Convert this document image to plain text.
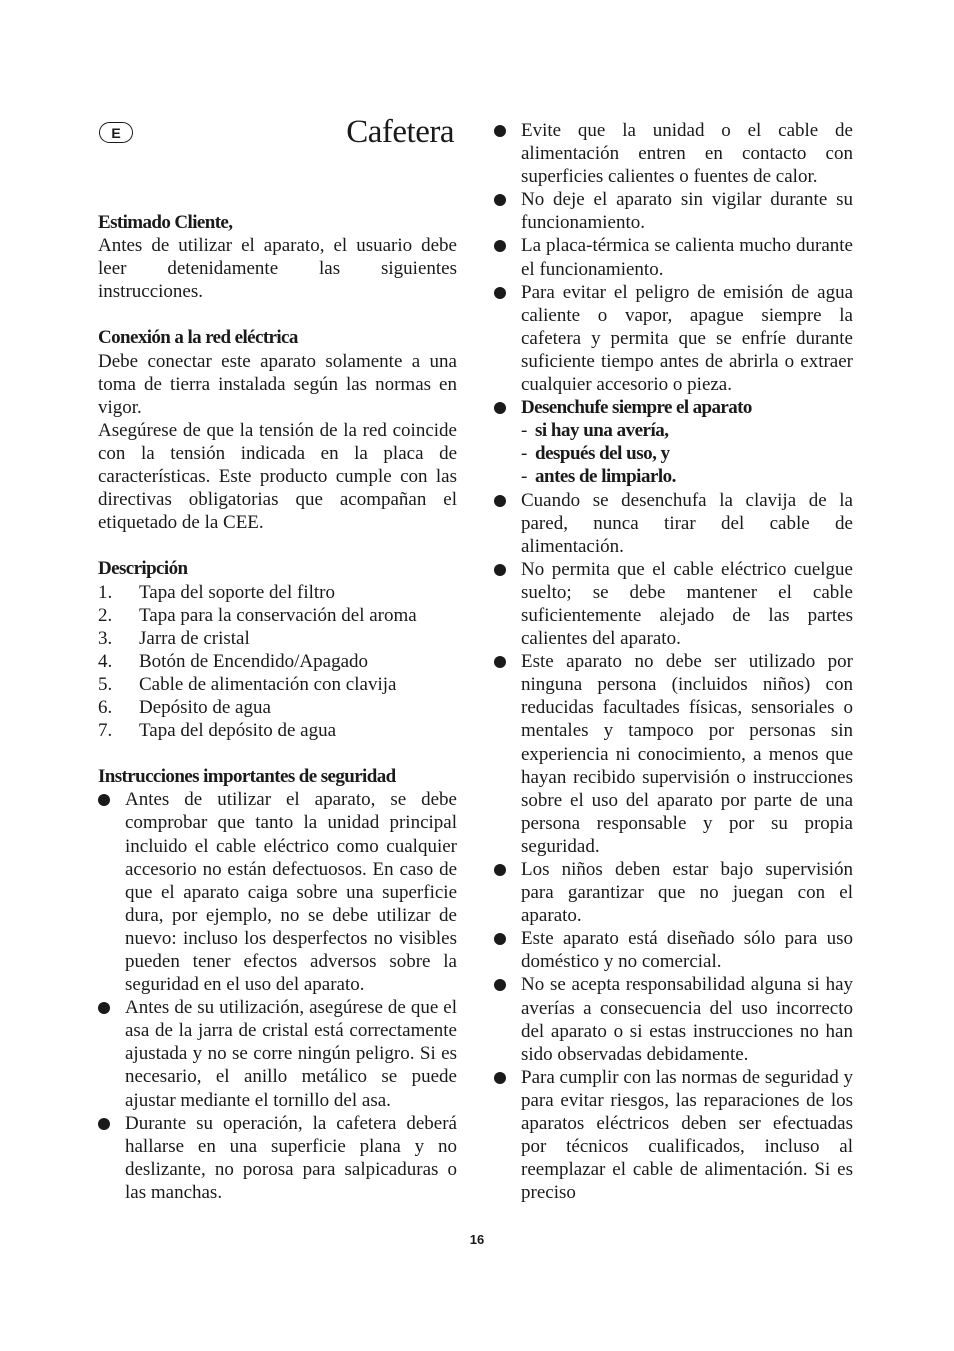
E	Cafetera
Estimado Cliente,

Antes de utilizar el aparato, el usuario debe leer detenidamente las siguientes instrucciones.

Conexión a la red eléctrica

Debe conectar este aparato solamente a una toma de tierra instalada según las normas en vigor.

Asegúrese de que la tensión de la red coincide con la tensión indicada en la placa de características. Este producto cumple con las directivas obligatorias que acompañan el etiquetado de la CEE.

Descripción
1.	Tapa del soporte del filtro
2.	Tapa para la conservación del aroma
3.	Jarra de cristal
4.	Botón de Encendido/Apagado
5.	Cable de alimentación con clavija
6.	Depósito de agua
7.	Tapa del depósito de agua
Instrucciones importantes de seguridad
Antes de utilizar el aparato, se debe comprobar que tanto la unidad principal incluido el cable eléctrico como cualquier accesorio no están defectuosos. En caso de que el aparato caiga sobre una superficie dura, por ejemplo, no se debe utilizar de nuevo: incluso los desperfectos no visibles pueden tener efectos adversos sobre la seguridad en el uso del aparato.
Antes de su utilización, asegúrese de que el asa de la jarra de cristal está correctamente ajustada y no se corre ningún peligro. Si es necesario, el anillo metálico se puede ajustar mediante el tornillo del asa.
Durante su operación, la cafetera deberá hallarse en una superficie plana y no deslizante, no porosa para salpicaduras o las manchas.
Evite que la unidad o el cable de alimentación entren en contacto con superficies calientes o fuentes de calor.
No deje el aparato sin vigilar durante su funcionamiento.
La placa-térmica se calienta mucho durante el funcionamiento.
Para evitar el peligro de emisión de agua caliente o vapor, apague siempre la cafetera y permita que se enfríe durante suficiente tiempo antes de abrirla o extraer cualquier accesorio o pieza.
Desenchufe siempre el aparato
- si hay una avería,
- después del uso, y
- antes de limpiarlo.
Cuando se desenchufa la clavija de la pared, nunca tirar del cable de alimentación.
No permita que el cable eléctrico cuelgue suelto; se debe mantener el cable suficientemente alejado de las partes calientes del aparato.
Este aparato no debe ser utilizado por ninguna persona (incluidos niños) con reducidas facultades físicas, sensoriales o mentales y tampoco por personas sin experiencia ni conocimiento, a menos que hayan recibido supervisión o instrucciones sobre el uso del aparato por parte de una persona responsable y por su propia seguridad.
Los niños deben estar bajo supervisión para garantizar que no juegan con el aparato.
Este aparato está diseñado sólo para uso doméstico y no comercial.
No se acepta responsabilidad alguna si hay averías a consecuencia del uso incorrecto del aparato o si estas instrucciones no han sido observadas debidamente.
Para cumplir con las normas de seguridad y para evitar riesgos, las reparaciones de los aparatos eléctricos deben ser efectuadas por técnicos cualificados, incluso al reemplazar el cable de alimentación. Si es preciso
16
